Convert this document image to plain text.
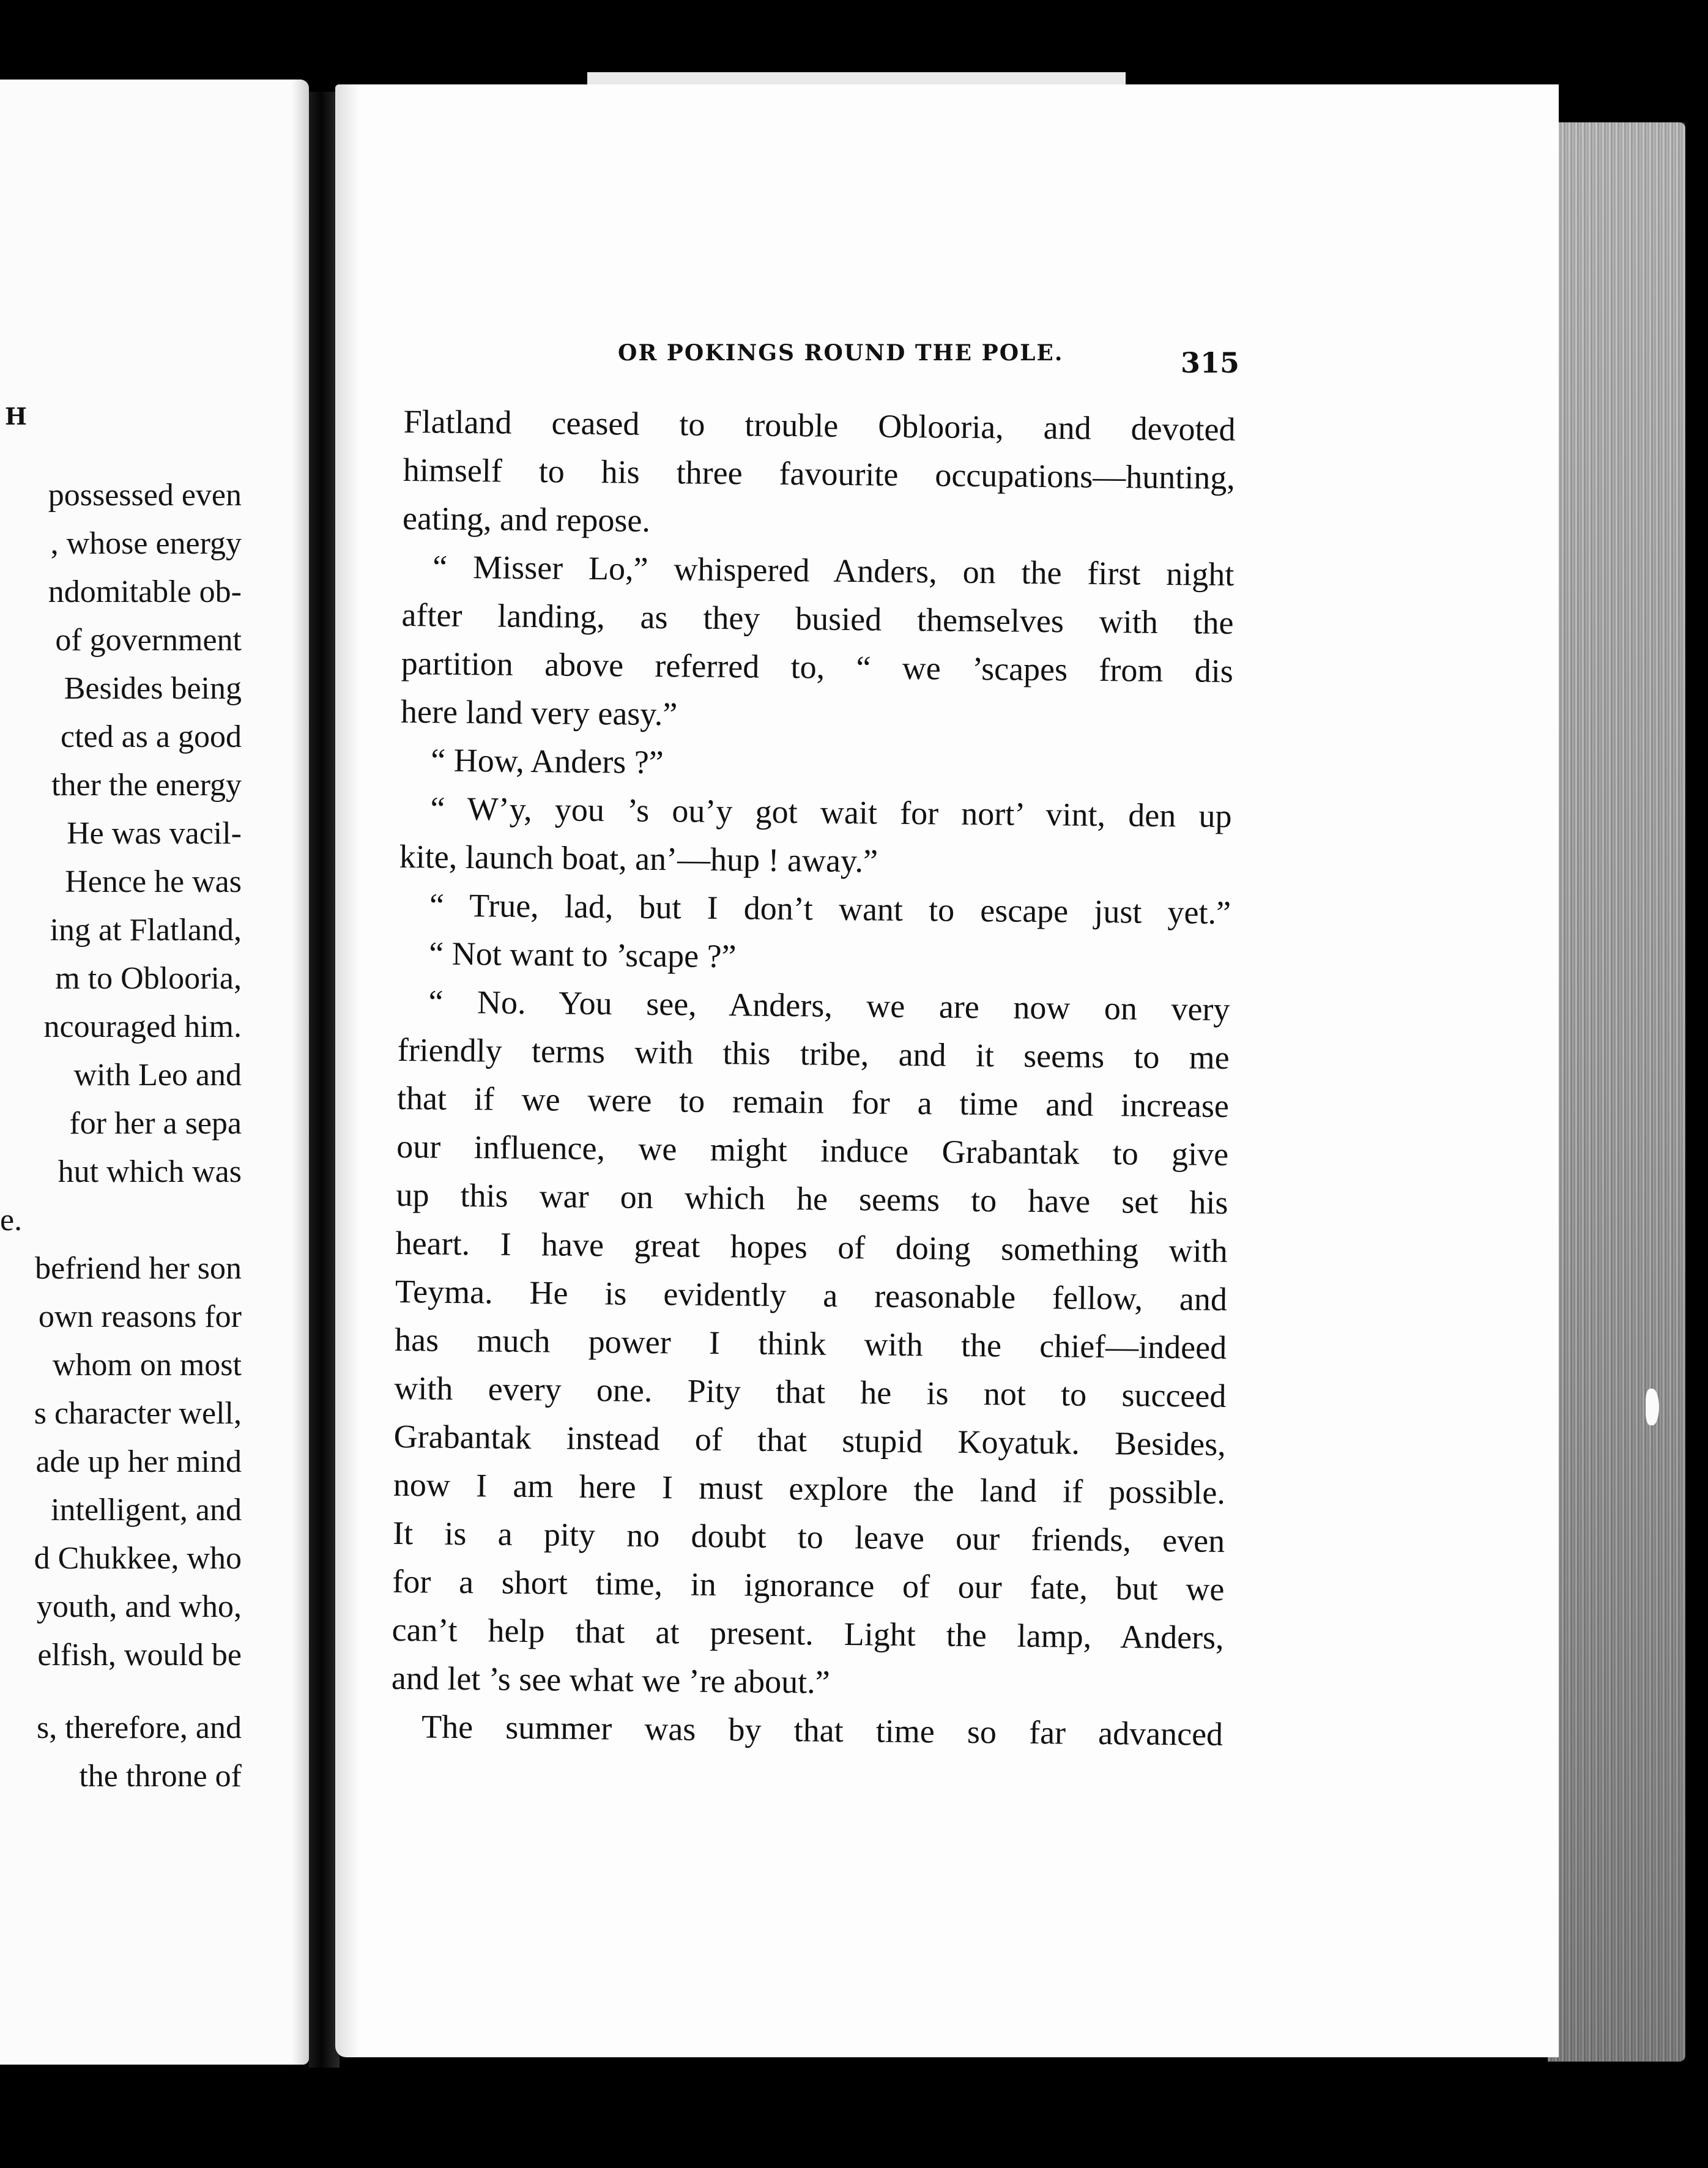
H
possessed even
, whose energy
ndomitable ob-
of government
Besides being
cted as a good
ther the energy
He was vacil-
Hence he was
ing at Flatland,
m to Oblooria,
ncouraged him.
with Leo and
for her a sepa
hut which was
e.
befriend her son
own reasons for
whom on most
s character well,
ade up her mind
intelligent, and
d Chukkee, who
youth, and who,
elfish, would be
s, therefore, and
the throne of
OR POKINGS ROUND THE POLE.	315
Flatland ceased to trouble Oblooria, and devoted
himself to his three favourite occupations—hunting,
eating, and repose.
“ Misser Lo,” whispered Anders, on the first night
after landing, as they busied themselves with the
partition above referred to, “ we ’scapes from dis
here land very easy.”
“ How, Anders ?”
“ W’y, you ’s ou’y got wait for nort’ vint, den up
kite, launch boat, an’—hup ! away.”
“ True, lad, but I don’t want to escape just yet.”
“ Not want to ’scape ?”
“ No. You see, Anders, we are now on very
friendly terms with this tribe, and it seems to me
that if we were to remain for a time and increase
our influence, we might induce Grabantak to give
up this war on which he seems to have set his
heart. I have great hopes of doing something with
Teyma. He is evidently a reasonable fellow, and
has much power I think with the chief—indeed
with every one. Pity that he is not to succeed
Grabantak instead of that stupid Koyatuk. Besides,
now I am here I must explore the land if possible.
It is a pity no doubt to leave our friends, even
for a short time, in ignorance of our fate, but we
can’t help that at present. Light the lamp, Anders,
and let ’s see what we ’re about.”
The summer was by that time so far advanced
